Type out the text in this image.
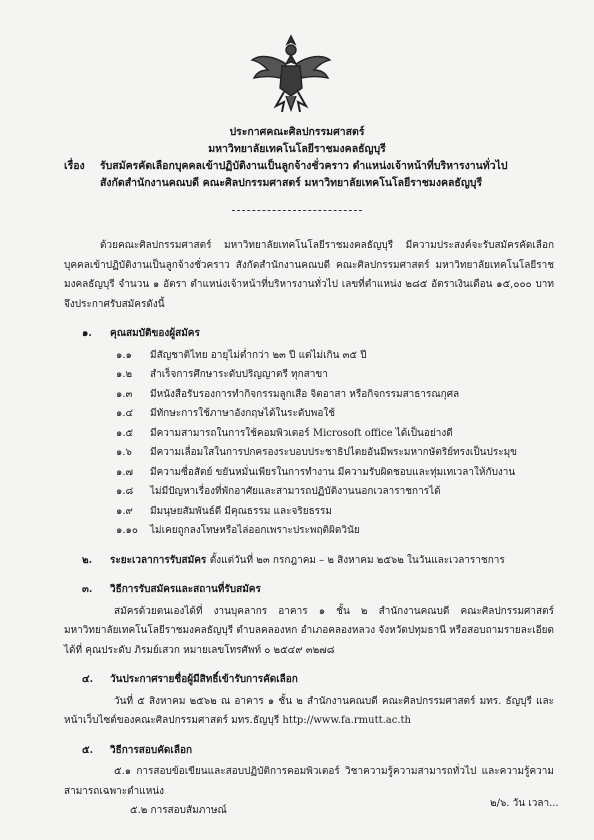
ประกาศคณะศิลปกรรมศาสตร์
มหาวิทยาลัยเทคโนโลยีราชมงคลธัญบุรี
เรื่อง รับสมัครคัดเลือกบุคคลเข้าปฏิบัติงานเป็นลูกจ้างชั่วคราว ตำแหน่งเจ้าหน้าที่บริหารงานทั่วไป
สังกัดสำนักงานคณบดี คณะศิลปกรรมศาสตร์ มหาวิทยาลัยเทคโนโลยีราชมงคลธัญบุรี

ด้วยคณะศิลปกรรมศาสตร์ มหาวิทยาลัยเทคโนโลยีราชมงคลธัญบุรี มีความประสงค์จะรับสมัครคัดเลือกบุคคลเข้าปฏิบัติงานเป็นลูกจ้างชั่วคราว สังกัดสำนักงานคณบดี คณะศิลปกรรมศาสตร์ มหาวิทยาลัยเทคโนโลยีราชมงคลธัญบุรี จำนวน ๑ อัตรา ตำแหน่งเจ้าหน้าที่บริหารงานทั่วไป เลขที่ตำแหน่ง ๒๘๕ อัตราเงินเดือน ๑๕,๐๐๐ บาท จึงประกาศรับสมัครดังนี้

๑. คุณสมบัติของผู้สมัคร
๑.๑	มีสัญชาติไทย อายุไม่ต่ำกว่า ๒๓ ปี แต่ไม่เกิน ๓๕ ปี
๑.๒	สำเร็จการศึกษาระดับปริญญาตรี ทุกสาขา
๑.๓	มีหนังสือรับรองการทำกิจกรรมลูกเสือ จิตอาสา หรือกิจกรรมสาธารณกุศล
๑.๔	มีทักษะการใช้ภาษาอังกฤษได้ในระดับพอใช้
๑.๕	มีความสามารถในการใช้คอมพิวเตอร์ Microsoft office ได้เป็นอย่างดี
๑.๖	มีความเลื่อมใสในการปกครองระบอบประชาธิปไตยอันมีพระมหากษัตริย์ทรงเป็นประมุข
๑.๗	มีความซื่อสัตย์ ขยันหมั่นเพียรในการทำงาน มีความรับผิดชอบและทุ่มเทเวลาให้กับงาน
๑.๘	ไม่มีปัญหาเรื่องที่พักอาศัยและสามารถปฏิบัติงานนอกเวลาราชการได้
๑.๙	มีมนุษยสัมพันธ์ดี มีคุณธรรม และจริยธรรม
๑.๑๐	ไม่เคยถูกลงโทษหรือไล่ออกเพราะประพฤติผิดวินัย
๒. ระยะเวลาการรับสมัคร ตั้งแต่วันที่ ๒๓ กรกฎาคม – ๒ สิงหาคม ๒๕๖๒ ในวันและเวลาราชการ
๓. วิธีการรับสมัครและสถานที่รับสมัคร

สมัครด้วยตนเองได้ที่ งานบุคลากร อาคาร ๑ ชั้น ๒ สำนักงานคณบดี คณะศิลปกรรมศาสตร์ มหาวิทยาลัยเทคโนโลยีราชมงคลธัญบุรี ตำบลคลองหก อำเภอคลองหลวง จังหวัดปทุมธานี หรือสอบถามรายละเอียดได้ที่ คุณประดับ ภิรมย์เสวก หมายเลขโทรศัพท์ ๐ ๒๕๔๙ ๓๒๗๘

๔. วันประกาศรายชื่อผู้มีสิทธิ์เข้ารับการคัดเลือก

วันที่ ๕ สิงหาคม ๒๕๖๒ ณ อาคาร ๑ ชั้น ๒ สำนักงานคณบดี คณะศิลปกรรมศาสตร์ มทร. ธัญบุรี และ หน้าเว็บไซต์ของคณะศิลปกรรมศาสตร์ มทร.ธัญบุรี http://www.fa.rmutt.ac.th

๕. วิธีการสอบคัดเลือก

๕.๑ การสอบข้อเขียนและสอบปฏิบัติการคอมพิวเตอร์ วิชาความรู้ความสามารถทั่วไป และความรู้ความสามารถเฉพาะตำแหน่ง

๕.๒ การสอบสัมภาษณ์

๒/๖. วัน เวลา...
